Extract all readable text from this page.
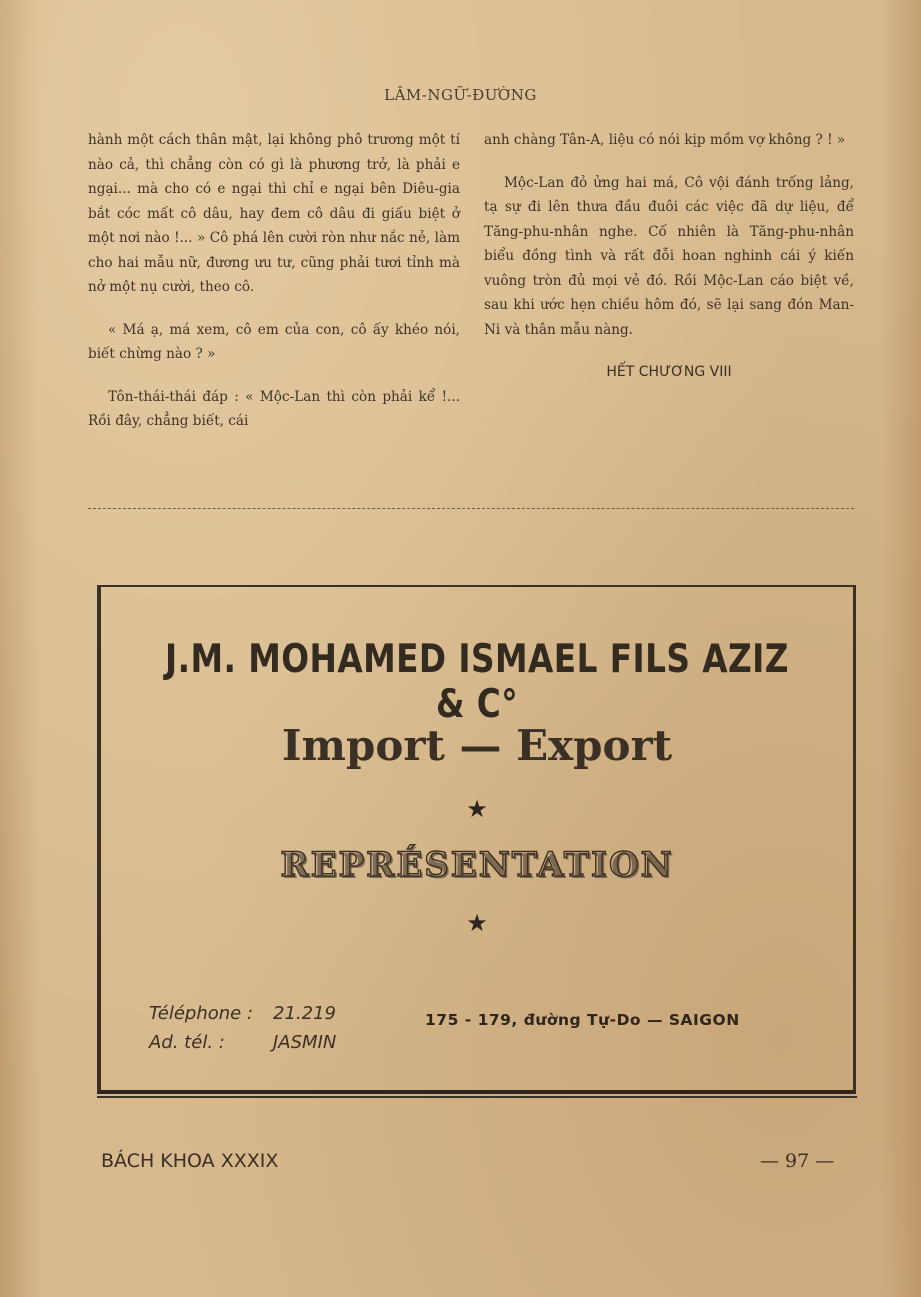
LÂM-NGỮ-ĐƯỜNG

hành một cách thân mật, lại không phô trương một tí nào cả, thì chẳng còn có gì là phương trở, là phải e ngại... mà cho có e ngại thì chỉ e ngại bên Diêu-gia bắt cóc mất cô dâu, hay đem cô dâu đi giấu biệt ở một nơi nào !... » Cô phá lên cười ròn như nắc nẻ, làm cho hai mẫu nữ, đương ưu tư, cũng phải tươi tỉnh mà nở một nụ cười, theo cô.

« Má ạ, má xem, cô em của con, cô ấy khéo nói, biết chừng nào ? »

Tôn-thái-thái đáp : « Mộc-Lan thì còn phải kể !... Rồi đây, chẳng biết, cái

anh chàng Tân-A, liệu có nói kịp mồm vợ không ? ! »

Mộc-Lan đỏ ửng hai má, Cô vội đánh trống lảng, tạ sự đi lên thưa đầu đuôi các việc đã dự liệu, để Tăng-phu-nhân nghe. Cố nhiên là Tăng-phu-nhân biểu đồng tình và rất đỗi hoan nghinh cái ý kiến vuông tròn đủ mọi vẻ đó. Rồi Mộc-Lan cáo biệt về, sau khi ước hẹn chiều hôm đó, sẽ lại sang đón Man-Ni và thân mẫu nàng.

HẾT CHƯƠNG VIII
J.M. MOHAMED ISMAEL FILS AZIZ & C°
Import — Export
★
REPRÉSENTATION
★
Téléphone : 21.219
Ad. tél. :	JASMIN
175 - 179, đường Tự-Do — SAIGON
BÁCH KHOA XXXIX	— 97 —
